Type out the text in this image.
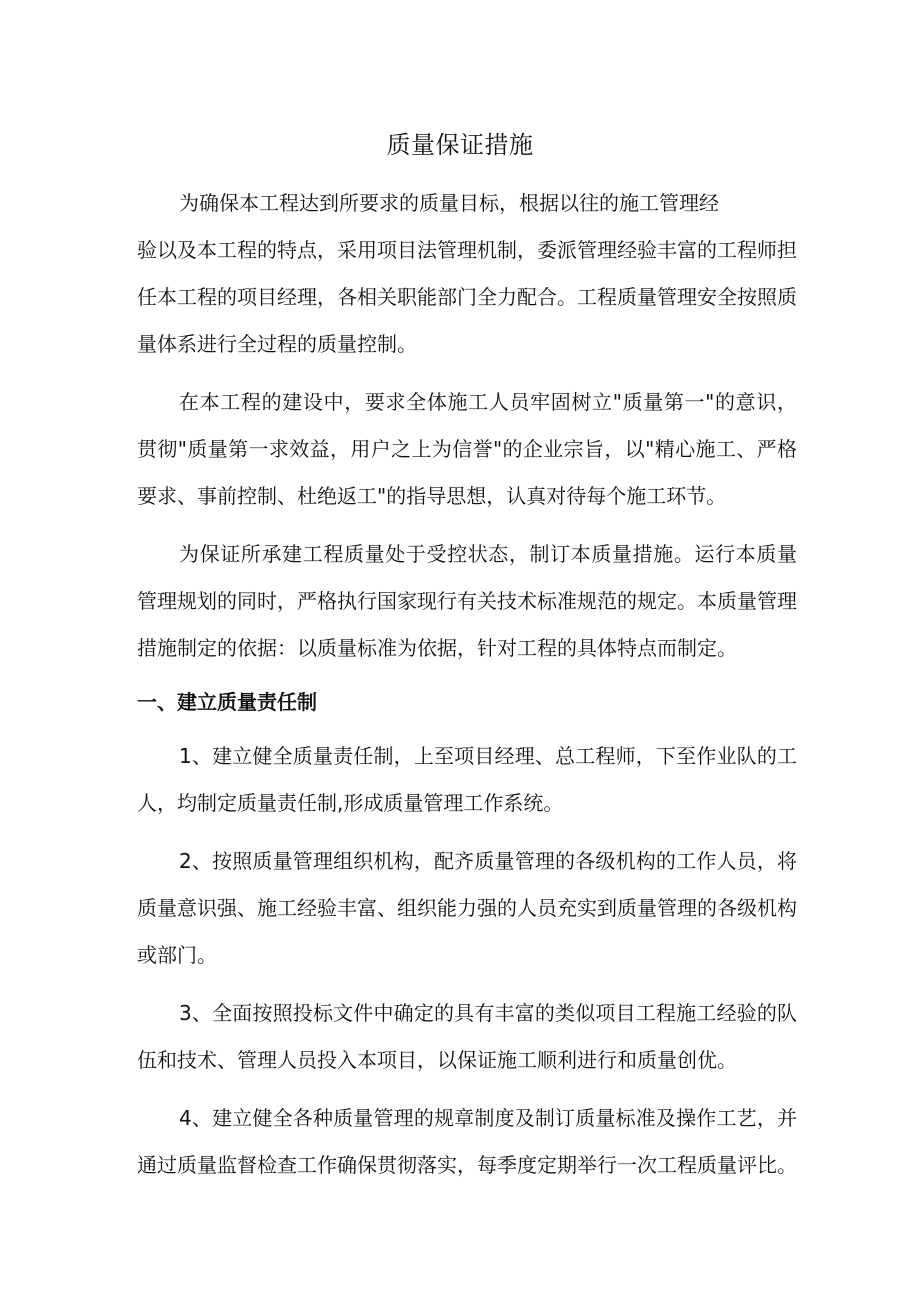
质量保证措施

为确保本工程达到所要求的质量目标，根据以往的施工管理经
验以及本工程的特点，采用项目法管理机制，委派管理经验丰富的工程师担任本工程的项目经理，各相关职能部门全力配合。工程质量管理安全按照质量体系进行全过程的质量控制。

在本工程的建设中，要求全体施工人员牢固树立"质量第一"的意识，贯彻"质量第一求效益，用户之上为信誉"的企业宗旨，以"精心施工、严格要求、事前控制、杜绝返工"的指导思想，认真对待每个施工环节。

为保证所承建工程质量处于受控状态，制订本质量措施。运行本质量管理规划的同时，严格执行国家现行有关技术标准规范的规定。本质量管理措施制定的依据：以质量标准为依据，针对工程的具体特点而制定。

一、建立质量责任制

1、建立健全质量责任制，上至项目经理、总工程师，下至作业队的工人，均制定质量责任制,形成质量管理工作系统。

2、按照质量管理组织机构，配齐质量管理的各级机构的工作人员，将质量意识强、施工经验丰富、组织能力强的人员充实到质量管理的各级机构或部门。

3、全面按照投标文件中确定的具有丰富的类似项目工程施工经验的队伍和技术、管理人员投入本项目，以保证施工顺利进行和质量创优。

4、建立健全各种质量管理的规章制度及制订质量标准及操作工艺，并通过质量监督检查工作确保贯彻落实，每季度定期举行一次工程质量评比。
